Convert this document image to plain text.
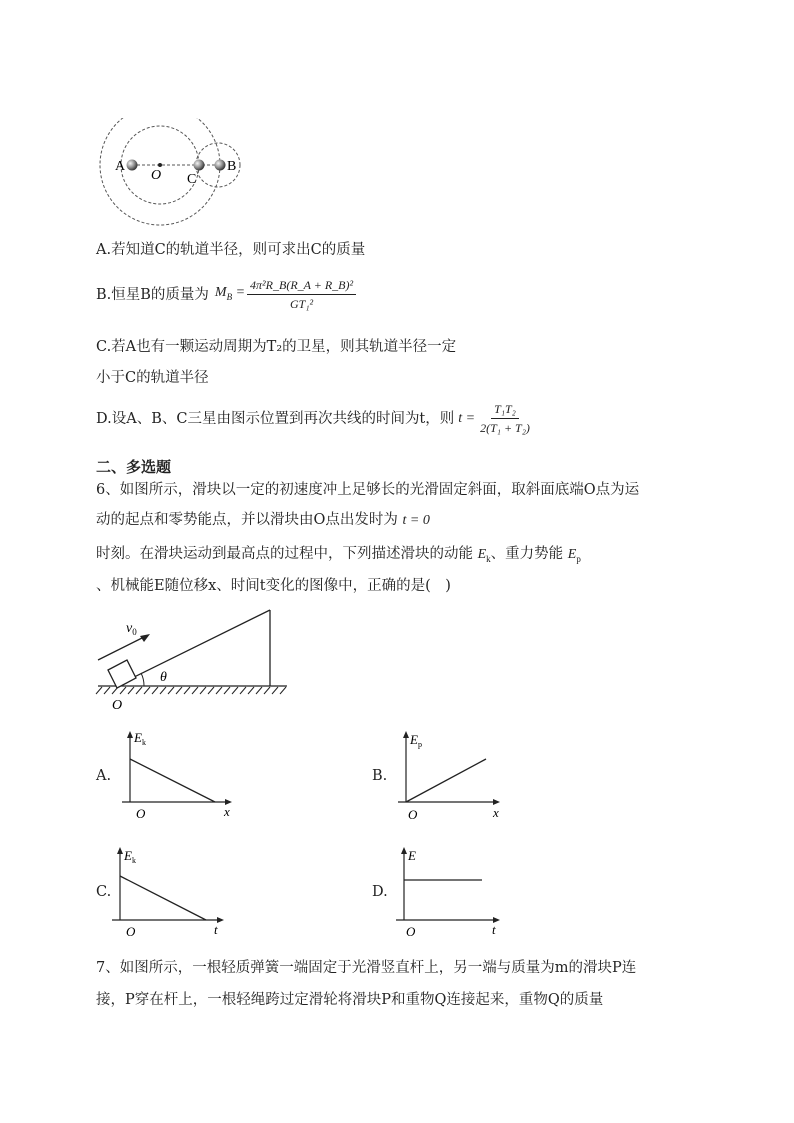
A
O C
B
A.若知道C的轨道半径，则可求出C的质量
B.恒星B的质量为 $M_B = \frac{\text{4π²R\_B(R\_A + R\_B)²}}{\text{GT₁²}}$
C.若A也有一颗运动周期为T₂的卫星，则其轨道半径一定
小于C的轨道半径
D.设A、B、C三星由图示位置到再次共线的时间为t，则 $t = \frac{\text{T₁T₂}}{\text{2(T₁ + T₂)}}$
二、多选题
6、如图所示，滑块以一定的初速度冲上足够长的光滑固定斜面，取斜面底端O点为运
动的起点和零势能点，并以滑块由O点出发时为 t = 0
时刻。在滑块运动到最高点的过程中，下列描述滑块的动能 $E_k$、重力势能 $E_p$
、机械能E随位移x、时间t变化的图像中，正确的是(　)
$v_0$
θ
O
A.
$E_k$
O	x
B.
$E_p$
O	x
C.
$E_k$
O	t
D.
E
O	t
7、如图所示，一根轻质弹簧一端固定于光滑竖直杆上，另一端与质量为m的滑块P连
接，P穿在杆上，一根轻绳跨过定滑轮将滑块P和重物Q连接起来，重物Q的质量
